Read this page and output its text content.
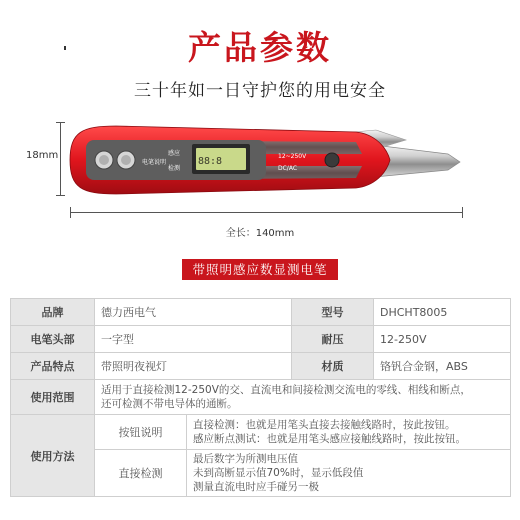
产品参数
三十年如一日守护您的用电安全
18mm
电笔说明
感应
检测
88:8	12~250V
DC/AC
全长：140mm
带照明感应数显测电笔
品牌	德力西电气		型号	DHCHT8005
电笔头部	一字型		耐压	12-250V
产品特点	带照明夜视灯		材质	铬钒合金钢，ABS
使用范围	适用于直接检测12-250V的交、直流电和间接检测交流电的零线、相线和断点，
还可检测不带电导体的通断。			

使用方法	按钮说明	直接检测：也就是用笔头直接去接触线路时，按此按钮。
感应断点测试：也就是用笔头感应接触线路时，按此按钮。		

	直接检测	最后数字为所测电压值
未到高断显示值70%时，显示低段值
测量直流电时应手碰另一极		
